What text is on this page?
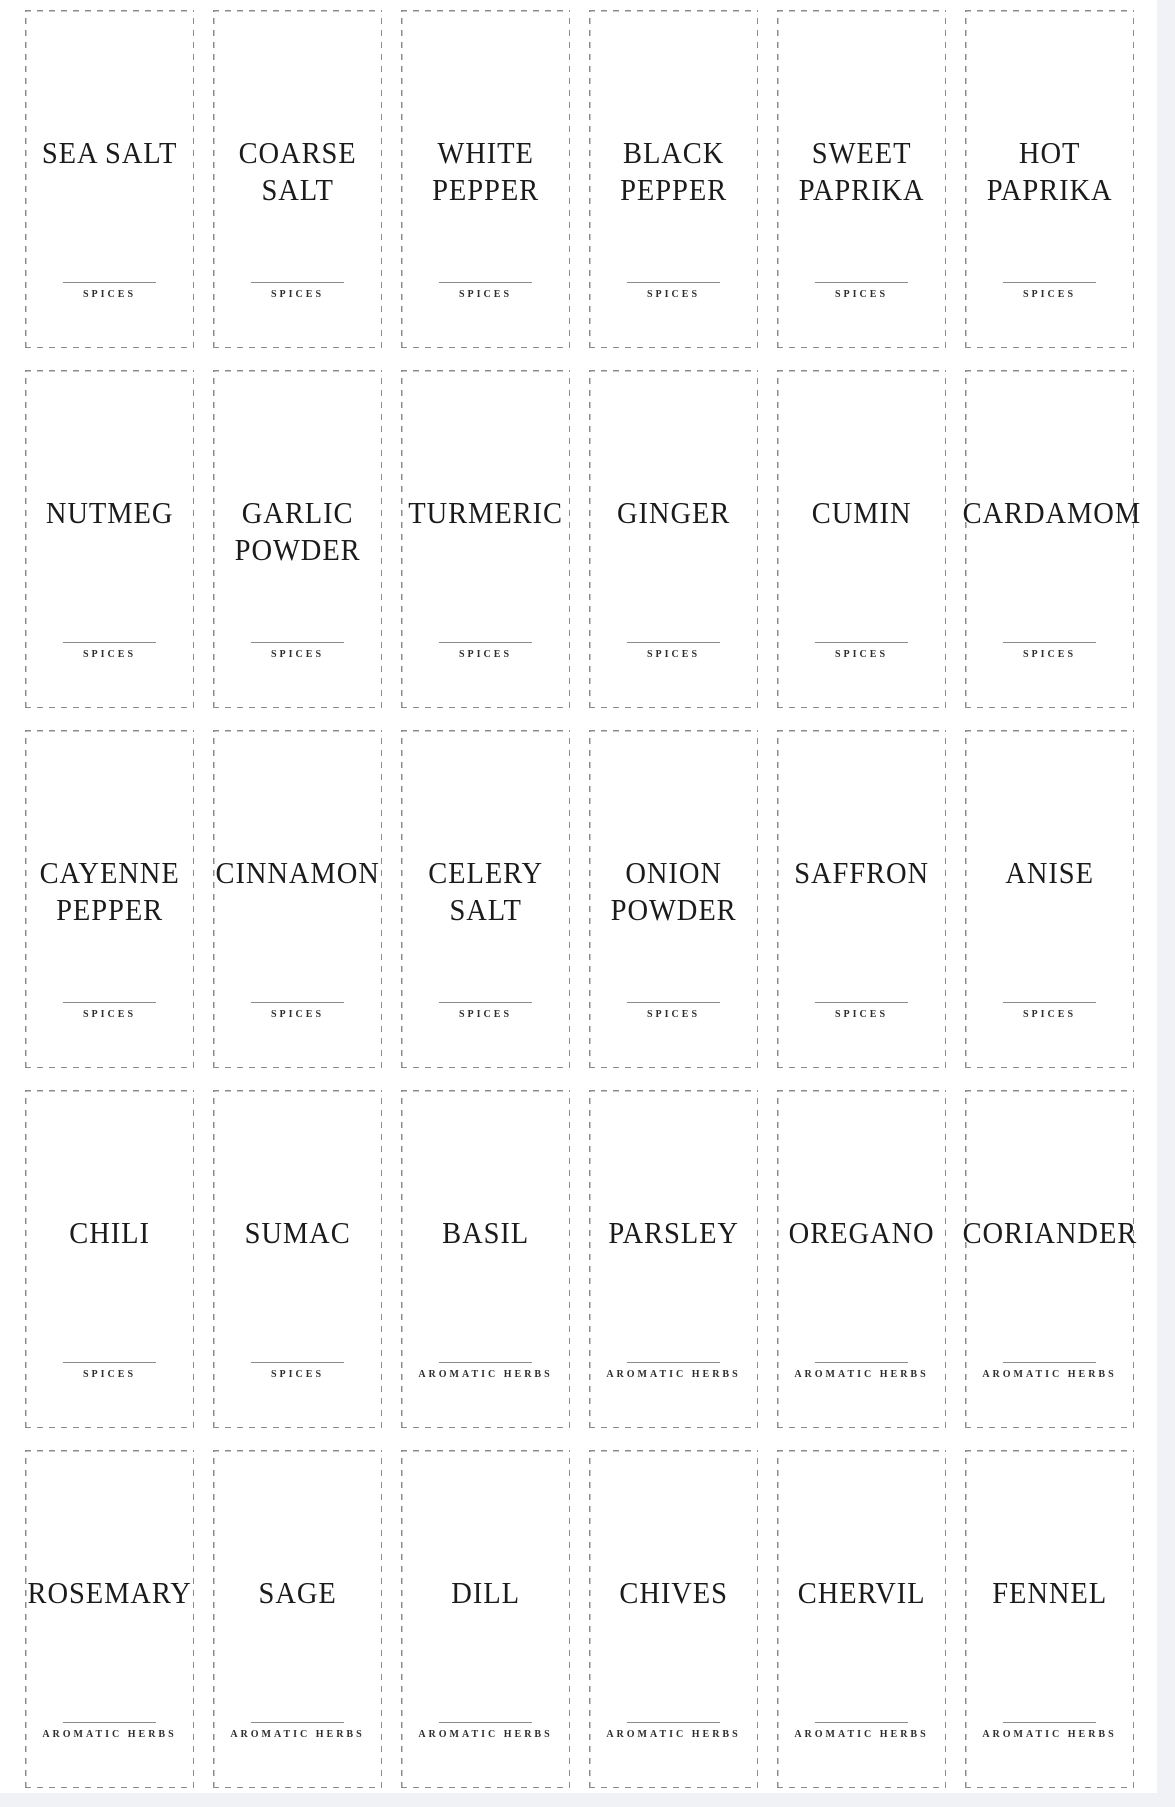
SEA SALT
SPICES
COARSE SALT
SPICES
WHITE PEPPER
SPICES
BLACK PEPPER
SPICES
SWEET PAPRIKA
SPICES
HOT PAPRIKA
SPICES
NUTMEG
SPICES
GARLIC POWDER
SPICES
TURMERIC
SPICES
GINGER
SPICES
CUMIN
SPICES
CARDAMOM
SPICES
CAYENNE PEPPER
SPICES
CINNAMON
SPICES
CELERY SALT
SPICES
ONION POWDER
SPICES
SAFFRON
SPICES
ANISE
SPICES
CHILI
SPICES
SUMAC
SPICES
BASIL
AROMATIC HERBS
PARSLEY
AROMATIC HERBS
OREGANO
AROMATIC HERBS
CORIANDER
AROMATIC HERBS
ROSEMARY
AROMATIC HERBS
SAGE
AROMATIC HERBS
DILL
AROMATIC HERBS
CHIVES
AROMATIC HERBS
CHERVIL
AROMATIC HERBS
FENNEL
AROMATIC HERBS
